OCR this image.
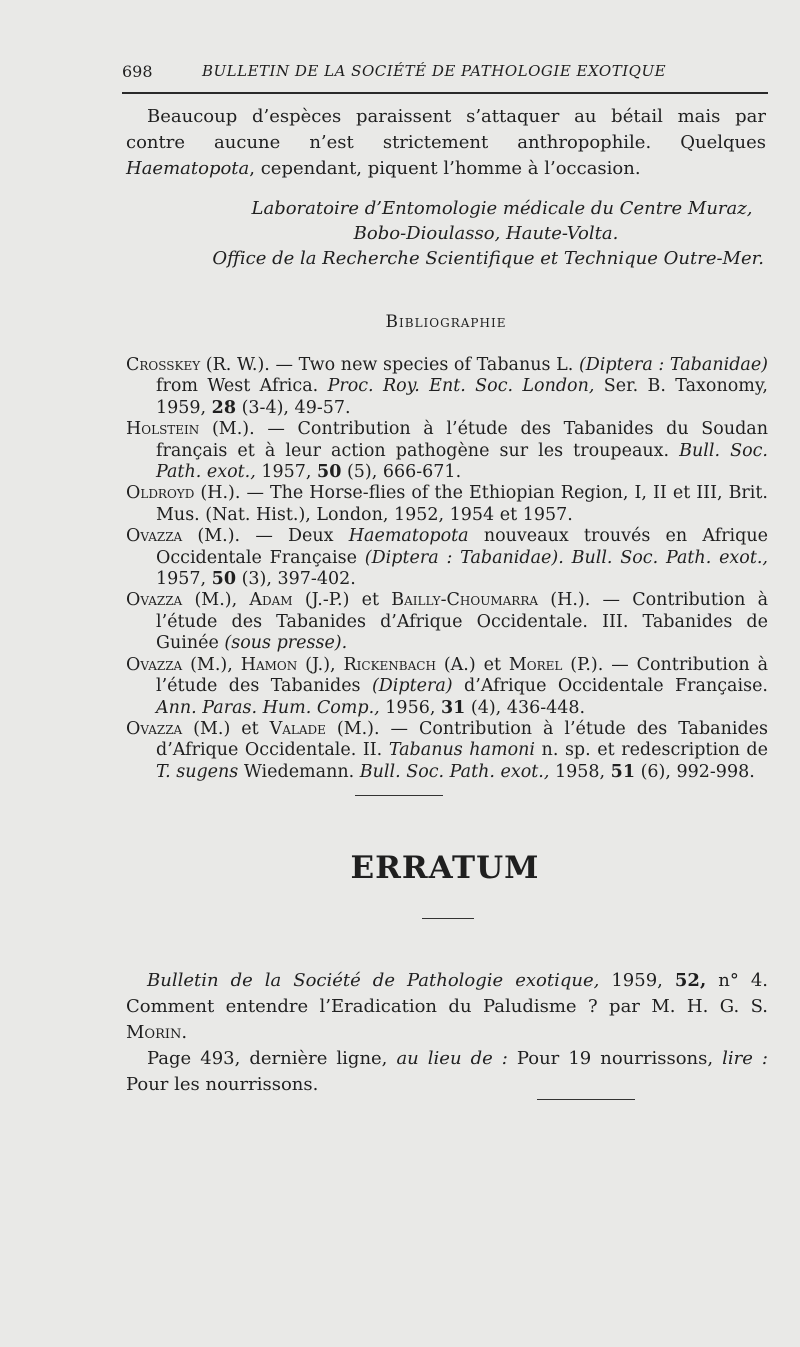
698	BULLETIN DE LA SOCIÉTÉ DE PATHOLOGIE EXOTIQUE

Beaucoup d’espèces paraissent s’attaquer au bétail mais par contre aucune n’est strictement anthropophile. Quelques Haematopota, cependant, piquent l’homme à l’occasion.

Laboratoire d’Entomologie médicale du Centre Muraz,
Bobo-Dioulasso, Haute-Volta.
Office de la Recherche Scientifique et Technique Outre-Mer.
Bibliographie

Crosskey (R. W.). — Two new species of Tabanus L. (Diptera : Tabanidae) from West Africa. Proc. Roy. Ent. Soc. London, Ser. B. Taxonomy, 1959, 28 (3-4), 49-57.

Holstein (M.). — Contribution à l’étude des Tabanides du Soudan français et à leur action pathogène sur les troupeaux. Bull. Soc. Path. exot., 1957, 50 (5), 666-671.

Oldroyd (H.). — The Horse-flies of the Ethiopian Region, I, II et III, Brit. Mus. (Nat. Hist.), London, 1952, 1954 et 1957.

Ovazza (M.). — Deux Haematopota nouveaux trouvés en Afrique Occidentale Française (Diptera : Tabanidae). Bull. Soc. Path. exot., 1957, 50 (3), 397-402.

Ovazza (M.), Adam (J.-P.) et Bailly-Choumarra (H.). — Contribution à l’étude des Tabanides d’Afrique Occidentale. III. Tabanides de Guinée (sous presse).

Ovazza (M.), Hamon (J.), Rickenbach (A.) et Morel (P.). — Contribution à l’étude des Tabanides (Diptera) d’Afrique Occidentale Française. Ann. Paras. Hum. Comp., 1956, 31 (4), 436-448.

Ovazza (M.) et Valade (M.). — Contribution à l’étude des Tabanides d’Afrique Occidentale. II. Tabanus hamoni n. sp. et redescription de T. sugens Wiedemann. Bull. Soc. Path. exot., 1958, 51 (6), 992-998.

ERRATUM
Bulletin de la Société de Pathologie exotique, 1959, 52, n° 4. Comment entendre l’Eradication du Paludisme ? par M. H. G. S. Morin.
Page 493, dernière ligne, au lieu de : Pour 19 nourrissons, lire : Pour les nourrissons.
